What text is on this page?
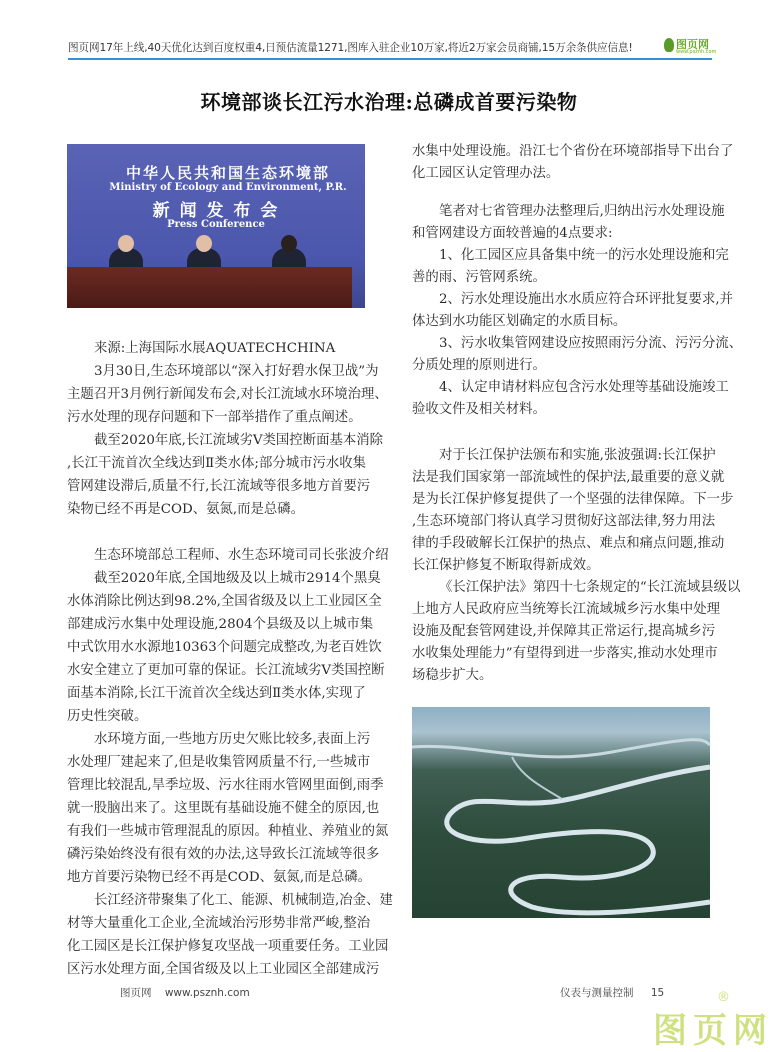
图页网17年上线,40天优化达到百度权重4,日预估流量1271,图库入驻企业10万家,将近2万家会员商铺,15万余条供应信息!	图页网
www.psznh.com
环境部谈长江污水治理:总磷成首要污染物
中华人民共和国生态环境部
Ministry of Ecology and Environment, P.R.
新 闻 发 布 会
Press Conference
来源:上海国际水展AQUATECHCHINA
3月30日,生态环境部以“深入打好碧水保卫战”为
主题召开3月例行新闻发布会,对长江流域水环境治理、
污水处理的现存问题和下一部举措作了重点阐述。
截至2020年底,长江流域劣V类国控断面基本消除
,长江干流首次全线达到Ⅱ类水体;部分城市污水收集
管网建设滞后,质量不行,长江流域等很多地方首要污
染物已经不再是COD、氨氮,而是总磷。
生态环境部总工程师、水生态环境司司长张波介绍
截至2020年底,全国地级及以上城市2914个黑臭
水体消除比例达到98.2%,全国省级及以上工业园区全
部建成污水集中处理设施,2804个县级及以上城市集
中式饮用水水源地10363个问题完成整改,为老百姓饮
水安全建立了更加可靠的保证。长江流域劣V类国控断
面基本消除,长江干流首次全线达到Ⅱ类水体,实现了
历史性突破。
水环境方面,一些地方历史欠账比较多,表面上污
水处理厂建起来了,但是收集管网质量不行,一些城市
管理比较混乱,旱季垃圾、污水往雨水管网里面倒,雨季
就一股脑出来了。这里既有基础设施不健全的原因,也
有我们一些城市管理混乱的原因。种植业、养殖业的氮
磷污染始终没有很有效的办法,这导致长江流域等很多
地方首要污染物已经不再是COD、氨氮,而是总磷。
长江经济带聚集了化工、能源、机械制造,冶金、建
材等大量重化工企业,全流域治污形势非常严峻,整治
化工园区是长江保护修复攻坚战一项重要任务。工业园
区污水处理方面,全国省级及以上工业园区全部建成污
水集中处理设施。沿江七个省份在环境部指导下出台了
化工园区认定管理办法。
笔者对七省管理办法整理后,归纳出污水处理设施
和管网建设方面较普遍的4点要求:
1、化工园区应具备集中统一的污水处理设施和完
善的雨、污管网系统。
2、污水处理设施出水水质应符合环评批复要求,并
体达到水功能区划确定的水质目标。
3、污水收集管网建设应按照雨污分流、污污分流、
分质处理的原则进行。
4、认定申请材料应包含污水处理等基础设施竣工
验收文件及相关材料。
对于长江保护法颁布和实施,张波强调:长江保护
法是我们国家第一部流域性的保护法,最重要的意义就
是为长江保护修复提供了一个坚强的法律保障。下一步
,生态环境部门将认真学习贯彻好这部法律,努力用法
律的手段破解长江保护的热点、难点和痛点问题,推动
长江保护修复不断取得新成效。
《长江保护法》第四十七条规定的“长江流域县级以
上地方人民政府应当统筹长江流域城乡污水集中处理
设施及配套管网建设,并保障其正常运行,提高城乡污
水收集处理能力”有望得到进一步落实,推动水处理市
场稳步扩大。
图页网 www.psznh.com	仪表与测量控制 15
图页网
®
